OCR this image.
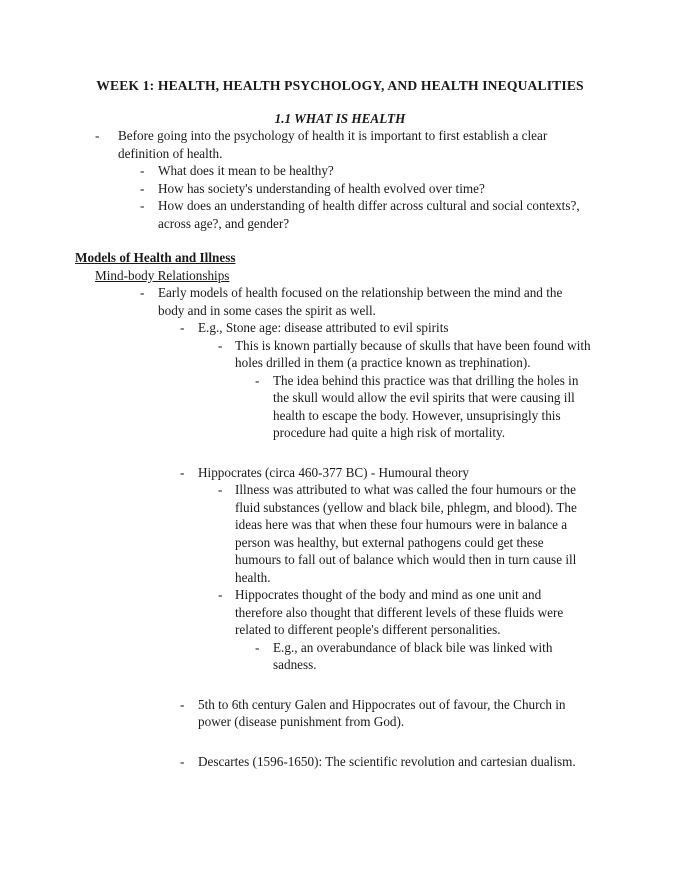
WEEK 1: HEALTH, HEALTH PSYCHOLOGY, AND HEALTH INEQUALITIES
1.1 WHAT IS HEALTH
-	Before going into the psychology of health it is important to first establish a clear definition of health.
-	What does it mean to be healthy?
-	How has society's understanding of health evolved over time?
-	How does an understanding of health differ across cultural and social contexts?, across age?, and gender?
Models of Health and Illness
Mind-body Relationships
-	Early models of health focused on the relationship between the mind and the body and in some cases the spirit as well.
-	E.g., Stone age: disease attributed to evil spirits
- This is known partially because of skulls that have been found with holes drilled in them (a practice known as trephination).
-	The idea behind this practice was that drilling the holes in the skull would allow the evil spirits that were causing ill health to escape the body. However, unsuprisingly this procedure had quite a high risk of mortality.
-	Hippocrates (circa 460-377 BC) - Humoural theory
- Illness was attributed to what was called the four humours or the fluid substances (yellow and black bile, phlegm, and blood). The ideas here was that when these four humours were in balance a person was healthy, but external pathogens could get these humours to fall out of balance which would then in turn cause ill health.
- Hippocrates thought of the body and mind as one unit and therefore also thought that different levels of these fluids were related to different people's different personalities.
-	E.g., an overabundance of black bile was linked with sadness.
-	5th to 6th century Galen and Hippocrates out of favour, the Church in power (disease punishment from God).
-	Descartes (1596-1650): The scientific revolution and cartesian dualism.
